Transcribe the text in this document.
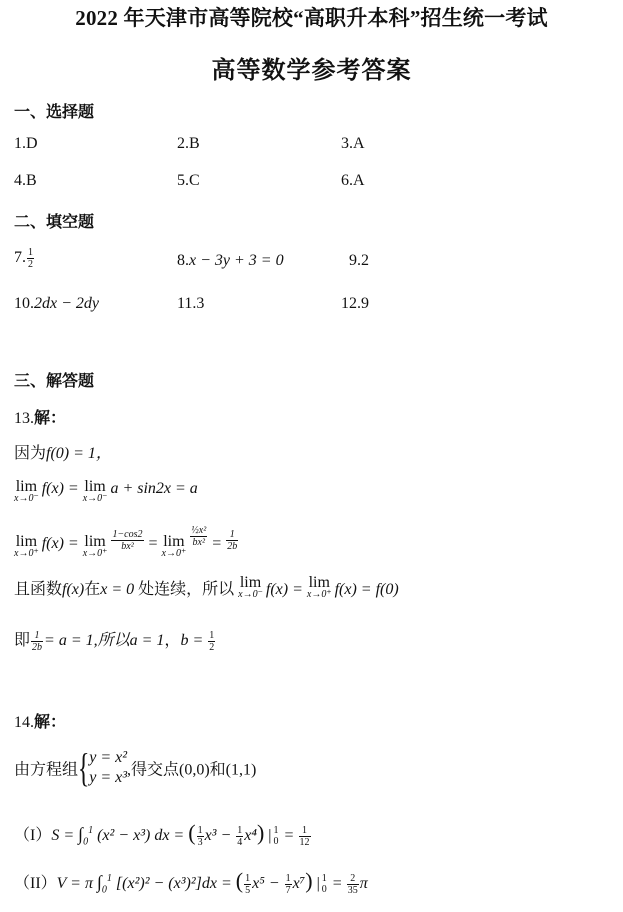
2022 年天津市高等院校“高职升本科”招生统一考试
高等数学参考答案
一、选择题
1.D	2.B	3.A
4.B	5.C	6.A
二、填空题
7. $\frac{1}{2}$	8.x − 3y + 3 = 0	9.2
10.2dx − 2dy	11.3	12.9
三、解答题
13.解：
因为f(0) = 1，
lim
x→0⁻
f(x) = lim
x→0⁻
a + sin2x = a
lim
x→0⁺
f(x) = lim
x→0⁺
$\frac{1-\cos 2}{\text{bx²}} = \lim$
x→0⁺
$\frac{\text{½x²}}{\text{bx²}} = \frac{1}{2b}$
且函数f(x)在x = 0 处连续，所以 lim
x→0⁻ f(x) = lim
x→0⁺ f(x) = f(0)
即 $\frac{1}{2b} = a = 1$,所以a = 1，$b = \frac{1}{2}$
14.解：
由方程组{ y = x²
y = x³ ,得交点(0,0)和(1,1)
$(I)S = \int_0^1$ (x² − x³) dx = ( $\frac{1}{3} x^3 - \frac{1}{4} x^4$) | 1
$0 = \frac{1}{12}$
（II）V = π $\int_0^1$ [(x²)² − (x³)²]dx = ( $\frac{1}{5} x^5 - \frac{1}{7} x^7$) | 1
$0 = \frac{2}{35}$ π
